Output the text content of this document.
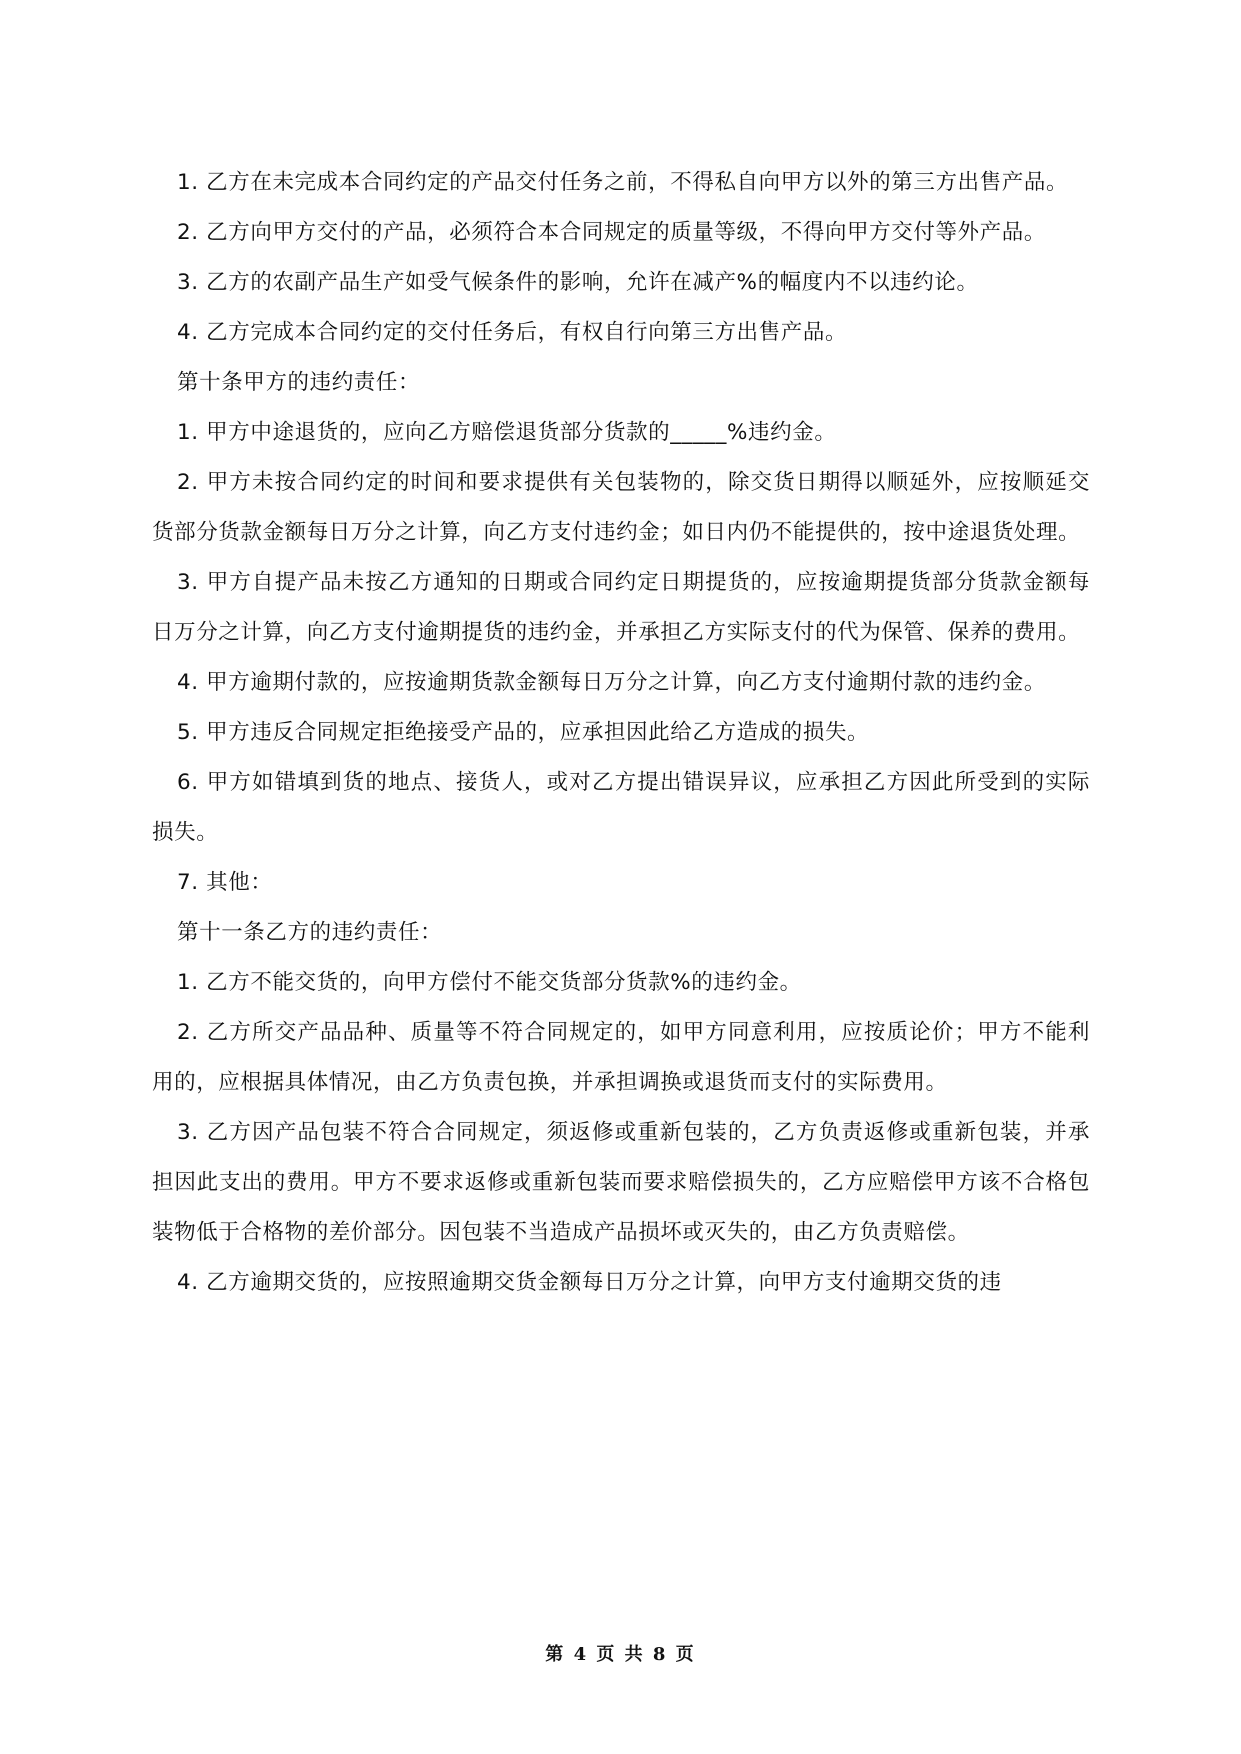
1. 乙方在未完成本合同约定的产品交付任务之前，不得私自向甲方以外的第三方出售产品。

2. 乙方向甲方交付的产品，必须符合本合同规定的质量等级，不得向甲方交付等外产品。

3. 乙方的农副产品生产如受气候条件的影响，允许在减产%的幅度内不以违约论。

4. 乙方完成本合同约定的交付任务后，有权自行向第三方出售产品。

第十条甲方的违约责任：

1. 甲方中途退货的，应向乙方赔偿退货部分货款的_____%违约金。

2. 甲方未按合同约定的时间和要求提供有关包装物的，除交货日期得以顺延外，应按顺延交货部分货款金额每日万分之计算，向乙方支付违约金；如日内仍不能提供的，按中途退货处理。

3. 甲方自提产品未按乙方通知的日期或合同约定日期提货的，应按逾期提货部分货款金额每日万分之计算，向乙方支付逾期提货的违约金，并承担乙方实际支付的代为保管、保养的费用。

4. 甲方逾期付款的，应按逾期货款金额每日万分之计算，向乙方支付逾期付款的违约金。

5. 甲方违反合同规定拒绝接受产品的，应承担因此给乙方造成的损失。

6. 甲方如错填到货的地点、接货人，或对乙方提出错误异议，应承担乙方因此所受到的实际损失。

7. 其他：

第十一条乙方的违约责任：

1. 乙方不能交货的，向甲方偿付不能交货部分货款%的违约金。

2. 乙方所交产品品种、质量等不符合同规定的，如甲方同意利用，应按质论价；甲方不能利用的，应根据具体情况，由乙方负责包换，并承担调换或退货而支付的实际费用。

3. 乙方因产品包装不符合合同规定，须返修或重新包装的，乙方负责返修或重新包装，并承担因此支出的费用。甲方不要求返修或重新包装而要求赔偿损失的，乙方应赔偿甲方该不合格包装物低于合格物的差价部分。因包装不当造成产品损坏或灭失的，由乙方负责赔偿。

4. 乙方逾期交货的，应按照逾期交货金额每日万分之计算，向甲方支付逾期交货的违

第 4 页 共 8 页
